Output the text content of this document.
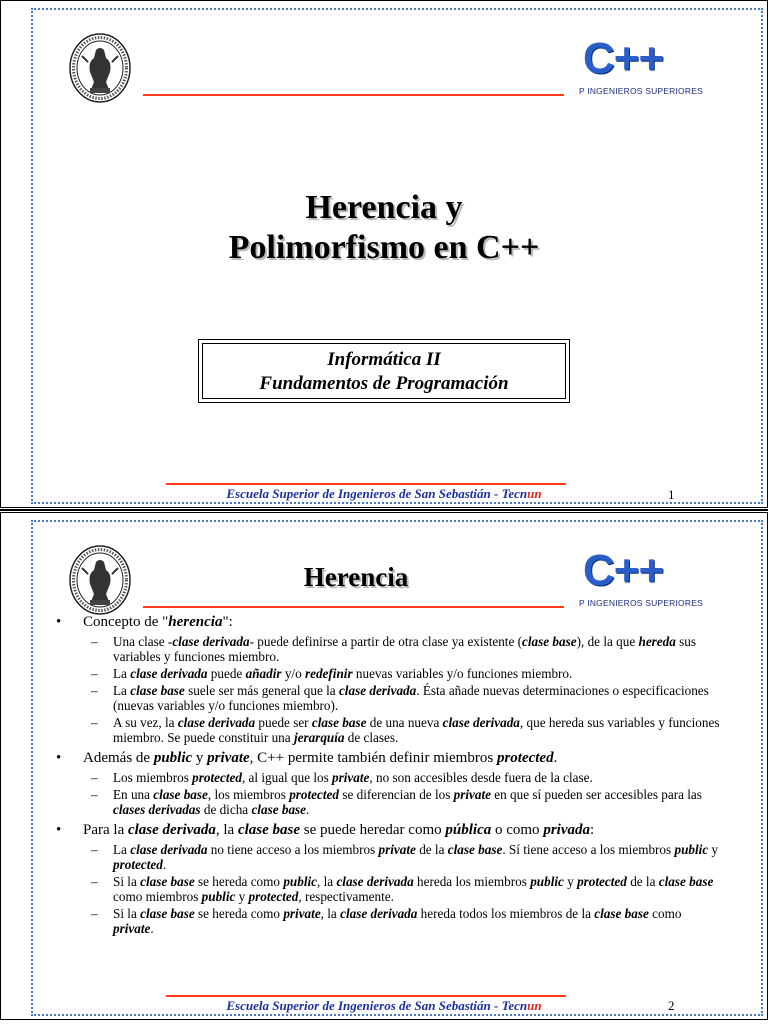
C++
P INGENIEROS SUPERIORES
Herencia y
Polimorfismo en C++
Informática II
Fundamentos de Programación
Escuela Superior de Ingenieros de San Sebastián - Tecnun	1
C++
P INGENIEROS SUPERIORES
Herencia
• Concepto de "herencia":
– Una clase -clase derivada- puede definirse a partir de otra clase ya existente (clase base), de la que hereda sus variables y funciones miembro.
– La clase derivada puede añadir y/o redefinir nuevas variables y/o funciones miembro.
– La clase base suele ser más general que la clase derivada. Ésta añade nuevas determinaciones o especificaciones (nuevas variables y/o funciones miembro).
– A su vez, la clase derivada puede ser clase base de una nueva clase derivada, que hereda sus variables y funciones miembro. Se puede constituir una jerarquía de clases.
• Además de public y private, C++ permite también definir miembros protected.
– Los miembros protected, al igual que los private, no son accesibles desde fuera de la clase.
– En una clase base, los miembros protected se diferencian de los private en que sí pueden ser accesibles para las clases derivadas de dicha clase base.
• Para la clase derivada, la clase base se puede heredar como pública o como privada:
– La clase derivada no tiene acceso a los miembros private de la clase base. Sí tiene acceso a los miembros public y protected.
– Si la clase base se hereda como public, la clase derivada hereda los miembros public y protected de la clase base como miembros public y protected, respectivamente.
– Si la clase base se hereda como private, la clase derivada hereda todos los miembros de la clase base como private.
Escuela Superior de Ingenieros de San Sebastián - Tecnun	2
